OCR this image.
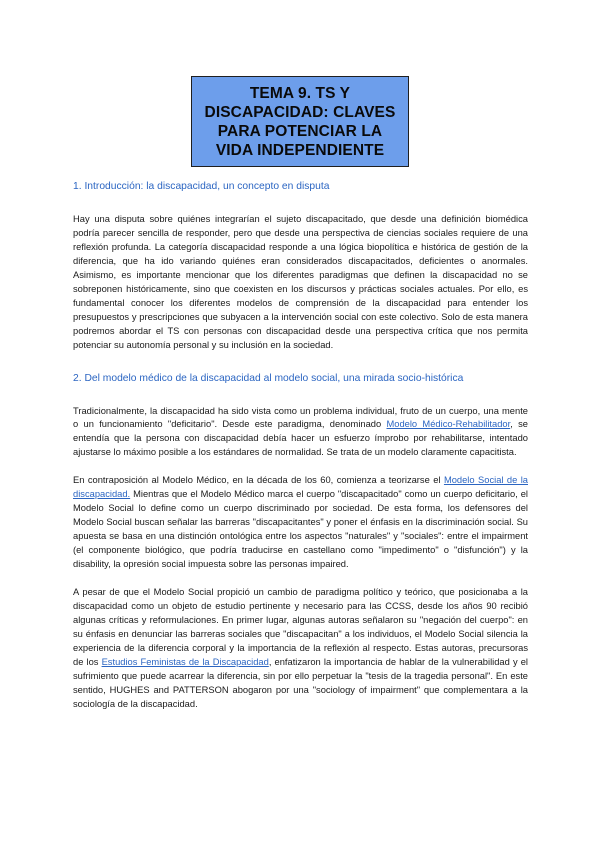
TEMA 9. TS Y
DISCAPACIDAD: CLAVES
PARA POTENCIAR LA
VIDA INDEPENDIENTE

1. Introducción: la discapacidad, un concepto en disputa

Hay una disputa sobre quiénes integrarían el sujeto discapacitado, que desde una definición biomédica podría parecer sencilla de responder, pero que desde una perspectiva de ciencias sociales requiere de una reflexión profunda. La categoría discapacidad responde a una lógica biopolítica e histórica de gestión de la diferencia, que ha ido variando quiénes eran considerados discapacitados, deficientes o anormales. Asimismo, es importante mencionar que los diferentes paradigmas que definen la discapacidad no se sobreponen históricamente, sino que coexisten en los discursos y prácticas sociales actuales. Por ello, es fundamental conocer los diferentes modelos de comprensión de la discapacidad para entender los presupuestos y prescripciones que subyacen a la intervención social con este colectivo. Solo de esta manera podremos abordar el TS con personas con discapacidad desde una perspectiva crítica que nos permita potenciar su autonomía personal y su inclusión en la sociedad.

2. Del modelo médico de la discapacidad al modelo social, una mirada socio-histórica

Tradicionalmente, la discapacidad ha sido vista como un problema individual, fruto de un cuerpo, una mente o un funcionamiento "deficitario". Desde este paradigma, denominado Modelo Médico-Rehabilitador, se entendía que la persona con discapacidad debía hacer un esfuerzo ímprobo por rehabilitarse, intentado ajustarse lo máximo posible a los estándares de normalidad. Se trata de un modelo claramente capacitista.

En contraposición al Modelo Médico, en la década de los 60, comienza a teorizarse el Modelo Social de la discapacidad. Mientras que el Modelo Médico marca el cuerpo "discapacitado" como un cuerpo deficitario, el Modelo Social lo define como un cuerpo discriminado por sociedad. De esta forma, los defensores del Modelo Social buscan señalar las barreras "discapacitantes" y poner el énfasis en la discriminación social. Su apuesta se basa en una distinción ontológica entre los aspectos "naturales" y "sociales": entre el impairment (el componente biológico, que podría traducirse en castellano como "impedimento" o "disfunción") y la disability, la opresión social impuesta sobre las personas impaired.

A pesar de que el Modelo Social propició un cambio de paradigma político y teórico, que posicionaba a la discapacidad como un objeto de estudio pertinente y necesario para las CCSS, desde los años 90 recibió algunas críticas y reformulaciones. En primer lugar, algunas autoras señalaron su "negación del cuerpo": en su énfasis en denunciar las barreras sociales que "discapacitan" a los individuos, el Modelo Social silencia la experiencia de la diferencia corporal y la importancia de la reflexión al respecto. Estas autoras, precursoras de los Estudios Feministas de la Discapacidad, enfatizaron la importancia de hablar de la vulnerabilidad y el sufrimiento que puede acarrear la diferencia, sin por ello perpetuar la "tesis de la tragedia personal". En este sentido, HUGHES and PATTERSON abogaron por una "sociology of impairment" que complementara a la sociología de la discapacidad.
